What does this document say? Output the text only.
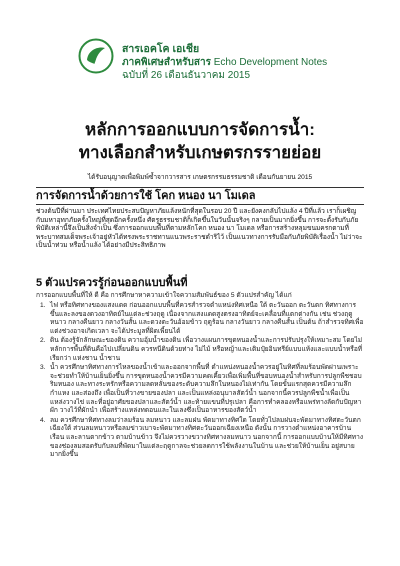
สารเอคโค เอเชีย
ภาคพิเศษสำหรับสาร Echo Development Notes
ฉบับที่ 26 เดือนธันวาคม 2015
หลักการออกแบบการจัดการน้ำ:
ทางเลือกสำหรับเกษตรกรรายย่อย
ได้รับอนุญาตเพื่อพิมพ์ซ้ำจากวารสาร เกษตรกรรมธรรมชาติ เดือนกันยายน 2015
การจัดการน้ำด้วยการใช้ โคก หนอง นา โมเดล
ช่วงต้นปีที่ผ่านมา ประเทศไทยประสบปัญหาภัยแล้งหนักที่สุดในรอบ 20 ปี และยังคงกลับไปแล้ง 4 ปีที่แล้ว เราก็เผชิญกับมหาอุทกภัยครั้งใหญ่ที่สุดอีกครั้งหนึ่ง ศัตรูธรรมชาติก็เกิดขึ้นในวันนั้นจริงๆ กลายเป็นมากยิ่งขึ้น การจะตั้งรับกับภัยพิบัติเหล่านี้จึงเป็นสิ่งจำเป็น ซึ่งการออกแบบพื้นที่ตามหลักโคก หนอง นา โมเดล หรือการสร้างหลุมขนมครกตามที่พระบาทสมเด็จพระเจ้าอยู่หัวได้ทรงพระราชทานแนวพระราชดำริไว้ เป็นแนวทางการรับมือกับภัยพิบัติเรื่องน้ำ ไม่ว่าจะเป็นน้ำท่วม หรือน้ำแล้ง ได้อย่างมีประสิทธิภาพ
5 ตัวแปรควรรู้ก่อนออกแบบพื้นที่
การออกแบบพื้นที่ให้ ดี คือ การศึกษาหาความเข้าใจความสัมพันธ์ของ 5 ตัวแปรสำคัญ ได้แก่
1. ไฟ หรือทิศทางของแสงแดด ก่อนออกแบบพื้นที่ควรสำรวจตำแหน่งทิศเหนือ ใต้ ตะวันออก ตะวันตก ทิศทางการขึ้นและลงของดวงอาทิตย์ในแต่ละช่วงฤดู เนื่องจากแสงแดดสูงตรงอาทิตย์จะเคลื่อนที่แตกต่างกัน เช่น ช่วงฤดูหนาว กลางคืนยาว กลางวันสั้น และดวงตะวันอ้อมข้าว ฤดูร้อน กลางวันยาว กลางคืนสั้น เป็นต้น ถ้าสำรวจทิศเพื่อแต่งช่วงอาจเกิดเวลา จะได้ประมูลที่ผิดเพี้ยนได้
2. ดิน ต้องรู้จักลักษณะของดิน ความอุ้มน้ำของดิน เพื่อวางแผนการขุดหนองน้ำและการปรับปรุงให้เหมาะสม โดยไม่หลักการพื้นที่ดินคือไปเปลี่ยนดิน ควรหนีดินด้วยท่าง ไม่ไม้ หรือหญ้าและเติมปุ๋ยอินทรีย์แบบแห้งและแบบน้ำหรือที่เรียกว่า แห่งชาน น้ำชาน
3. น้ำ ควรศึกษาทิศทางการไหลของน้ำเข้าและออกจากพื้นที่ ตำแหน่งหนองน้ำควรอยู่ในทิศที่ลมร้อนพัดผ่านเพราะจะช่วยทำให้บ้านเย็นยิ่งขึ้น การขุดหนองน้ำควรมีความคดเคี้ยวเพื่อเพิ่มพื้นที่ขอบหนองน้ำสำหรับการปลูกพืชชอบริมหนอง และทางระหรักหรือความลดหลั่นของระดับความลึกในหนองไม่เท่ากัน โดยขั้นแรกสุดควรมีความลึกกำแหง และส่องถึง เพื่อเป็นที่วางขายของปลา และเป็นแหล่งอนุบาลสัตว์น้ำ นอกจากนี้ควรปลูกพืชน้ำเพื่อเป็นแหล่งวางไข่ และที่อยู่อาศัยของปลาและสัตว์น้ำ และท้ายแขนที่ปรุเปลา คือการทำคลองหรือแพร่ทางลัดกับปัญหาผัก วางไว้ที่ผักนำ เพื่อสร้างแหล่งทดอนและในเลงซึ่งเป็นอาหารของสัตว์น้ำ
4. ลม ควรศึกษาทิศทางลมว่าลมร้อน ลมหนาว และลมฝน พัดมาทางทิศใด โดยทั่วไปลมฝนจะพัดมาทางทิศตะวันตกเฉียงใต้ ส่วนลมหนาวหรือลมข่าวเบาจะพัดมาทางทิศตะวันออกเฉียงเหนือ ดังนั้น การวางตำแหน่งอาคารบ้านเรือน และลานตากข้าว ตามบ้านข้าว จึงไม่ควรวางขวางทิศทางลมหนาว นอกจากนี้ การออกแบบบ้านให้มีทิศทางของช่องลมสอดรับกับลมที่พัดมาในแต่ละฤดูกาลจะช่วยลดการใช้พลังงานในบ้าน และช่วยให้บ้านเย็น อยู่สบายมากยิ่งขึ้น
